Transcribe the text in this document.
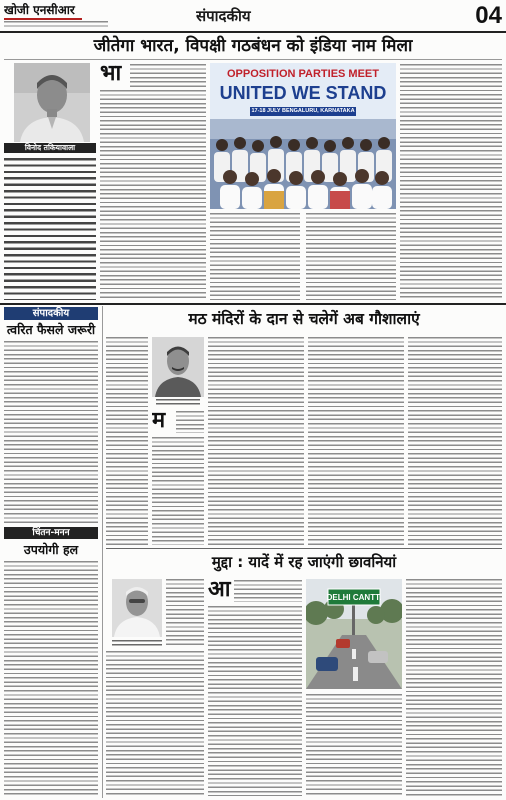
खोजी एनसीआर	संपादकीय	04
जीतेगा भारत, विपक्षी गठबंधन को इंडिया नाम मिला
विनोद तकियावाला
भा	OPPOSITION PARTIES MEET
UNITED WE STAND
17-18 JULY BENGALURU, KARNATAKA
संपादकीय
त्वरित फैसले जरूरी
चिंतन-मनन
उपयोगी हल
मठ मंदिरों के दान से चलेगें अब गौशालाएं
म
मुद्दा : यादें में रह जाएंगी छावनियां
आ	DELHI CANTT.
